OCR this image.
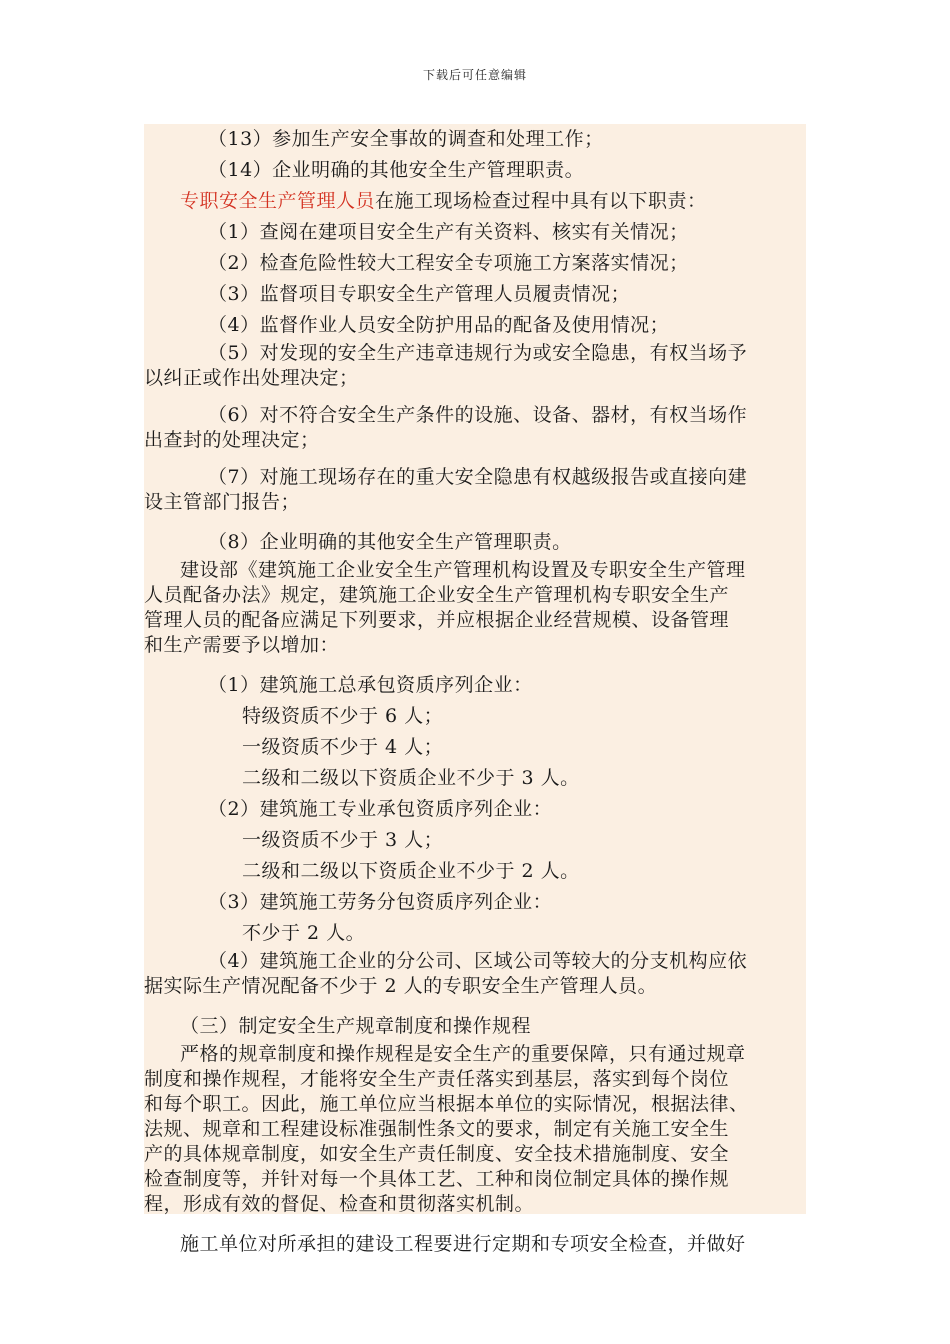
下载后可任意编辑
（13）参加生产安全事故的调查和处理工作；
（14）企业明确的其他安全生产管理职责。
专职安全生产管理人员在施工现场检查过程中具有以下职责：
（1）查阅在建项目安全生产有关资料、核实有关情况；
（2）检查危险性较大工程安全专项施工方案落实情况；
（3）监督项目专职安全生产管理人员履责情况；
（4）监督作业人员安全防护用品的配备及使用情况；
（5）对发现的安全生产违章违规行为或安全隐患，有权当场予
以纠正或作出处理决定；
（6）对不符合安全生产条件的设施、设备、器材，有权当场作
出查封的处理决定；
（7）对施工现场存在的重大安全隐患有权越级报告或直接向建
设主管部门报告；
（8）企业明确的其他安全生产管理职责。
建设部《建筑施工企业安全生产管理机构设置及专职安全生产管理
人员配备办法》规定，建筑施工企业安全生产管理机构专职安全生产
管理人员的配备应满足下列要求，并应根据企业经营规模、设备管理
和生产需要予以增加：
（1）建筑施工总承包资质序列企业：
特级资质不少于 6 人；
一级资质不少于 4 人；
二级和二级以下资质企业不少于 3 人。
（2）建筑施工专业承包资质序列企业：
一级资质不少于 3 人；
二级和二级以下资质企业不少于 2 人。
（3）建筑施工劳务分包资质序列企业：
不少于 2 人。
（4）建筑施工企业的分公司、区域公司等较大的分支机构应依
据实际生产情况配备不少于 2 人的专职安全生产管理人员。
（三）制定安全生产规章制度和操作规程
严格的规章制度和操作规程是安全生产的重要保障，只有通过规章
制度和操作规程，才能将安全生产责任落实到基层，落实到每个岗位
和每个职工。因此，施工单位应当根据本单位的实际情况，根据法律、
法规、规章和工程建设标准强制性条文的要求，制定有关施工安全生
产的具体规章制度，如安全生产责任制度、安全技术措施制度、安全
检查制度等，并针对每一个具体工艺、工种和岗位制定具体的操作规
程，形成有效的督促、检查和贯彻落实机制。
施工单位对所承担的建设工程要进行定期和专项安全检查，并做好
